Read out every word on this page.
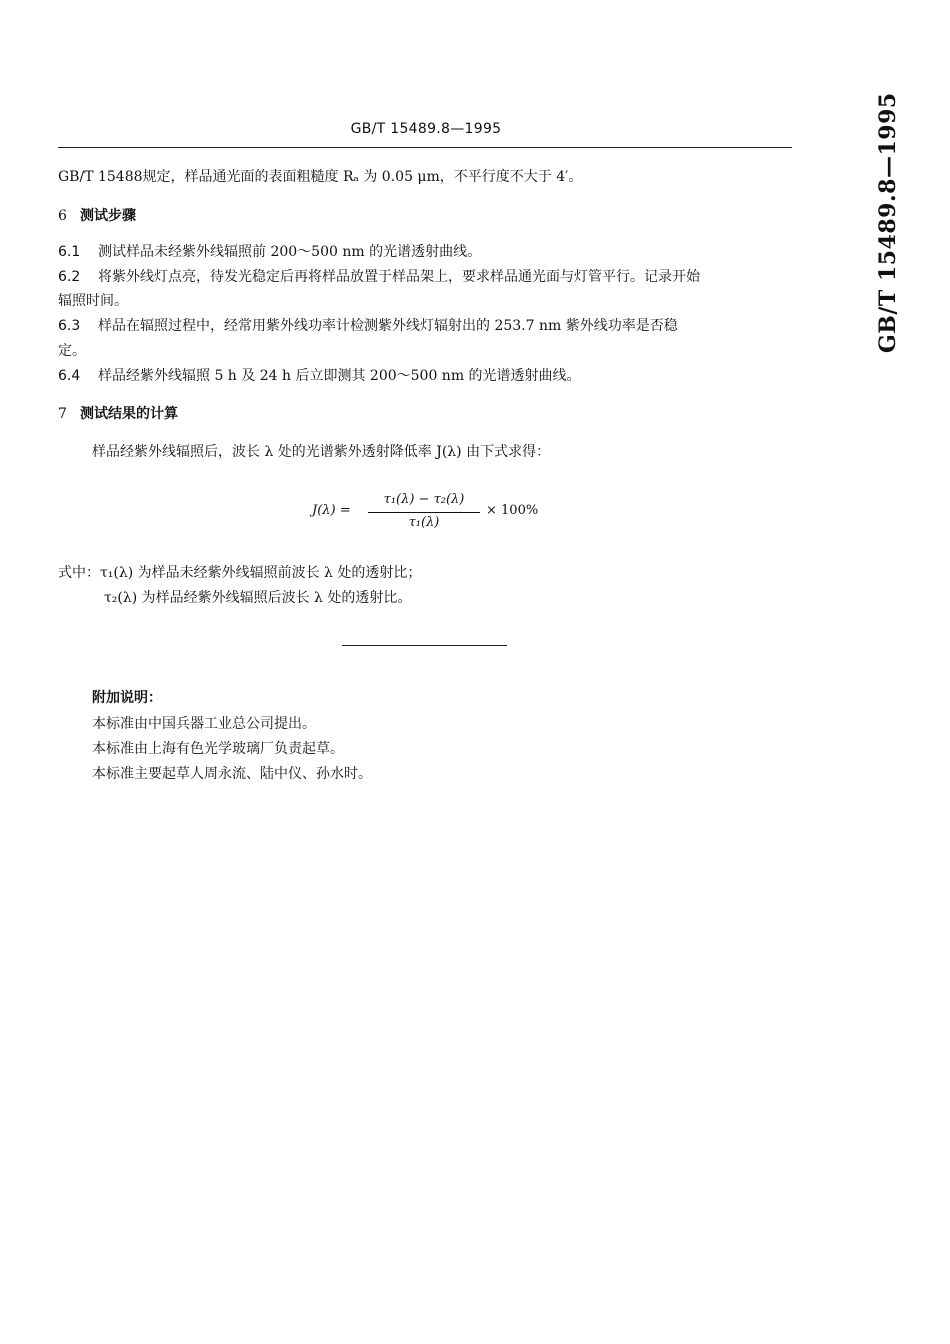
GB/T 15489.8—1995	GB/T 15489.8—1995
GB/T 15488规定，样品通光面的表面粗糙度 Rₐ 为 0.05 μm，不平行度不大于 4′。
6 测试步骤
6.1 测试样品未经紫外线辐照前 200～500 nm 的光谱透射曲线。
6.2 将紫外线灯点亮，待发光稳定后再将样品放置于样品架上，要求样品通光面与灯管平行。记录开始
辐照时间。
6.3 样品在辐照过程中，经常用紫外线功率计检测紫外线灯辐射出的 253.7 nm 紫外线功率是否稳
定。
6.4 样品经紫外线辐照 5 h 及 24 h 后立即测其 200～500 nm 的光谱透射曲线。
7 测试结果的计算
样品经紫外线辐照后，波长 λ 处的光谱紫外透射降低率 J(λ) 由下式求得：
J(λ) =
τ₁(λ) − τ₂(λ)
τ₁(λ)
× 100%
式中：τ₁(λ) 为样品未经紫外线辐照前波长 λ 处的透射比；
τ₂(λ) 为样品经紫外线辐照后波长 λ 处的透射比。
附加说明：
本标准由中国兵器工业总公司提出。
本标准由上海有色光学玻璃厂负责起草。
本标准主要起草人周永流、陆中仪、孙水时。
